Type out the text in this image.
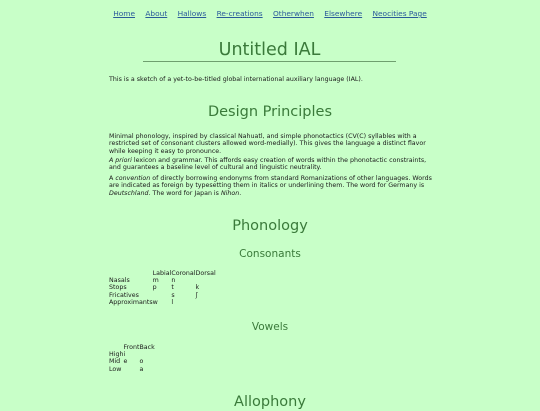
Home About Hallows Re-creations Otherwhen Elsewhere Neocities Page
Untitled IAL

This is a sketch of a yet-to-be-titled global international auxiliary language (IAL).

Design Principles

Minimal phonology, inspired by classical Nahuatl, and simple phonotactics (CV(C) syllables with a restricted set of consonant clusters allowed word-medially). This gives the language a distinct flavor while keeping it easy to pronounce.

A priori lexicon and grammar. This affords easy creation of words within the phonotactic constraints, and guarantees a baseline level of cultural and linguistic neutrality.

A convention of directly borrowing endonyms from standard Romanizations of other languages. Words are indicated as foreign by typesetting them in italics or underlining them. The word for Germany is Deutschland. The word for Japan is Nihon.

Phonology
Consonants
	Labial	Coronal	Dorsal
Nasals	m	n	
Stops	p	t	k
Fricatives		s	ʃ
Approximants	w	l	
Vowels
	Front	Back
High	i	
Mid	e	o
Low		a
Allophony
